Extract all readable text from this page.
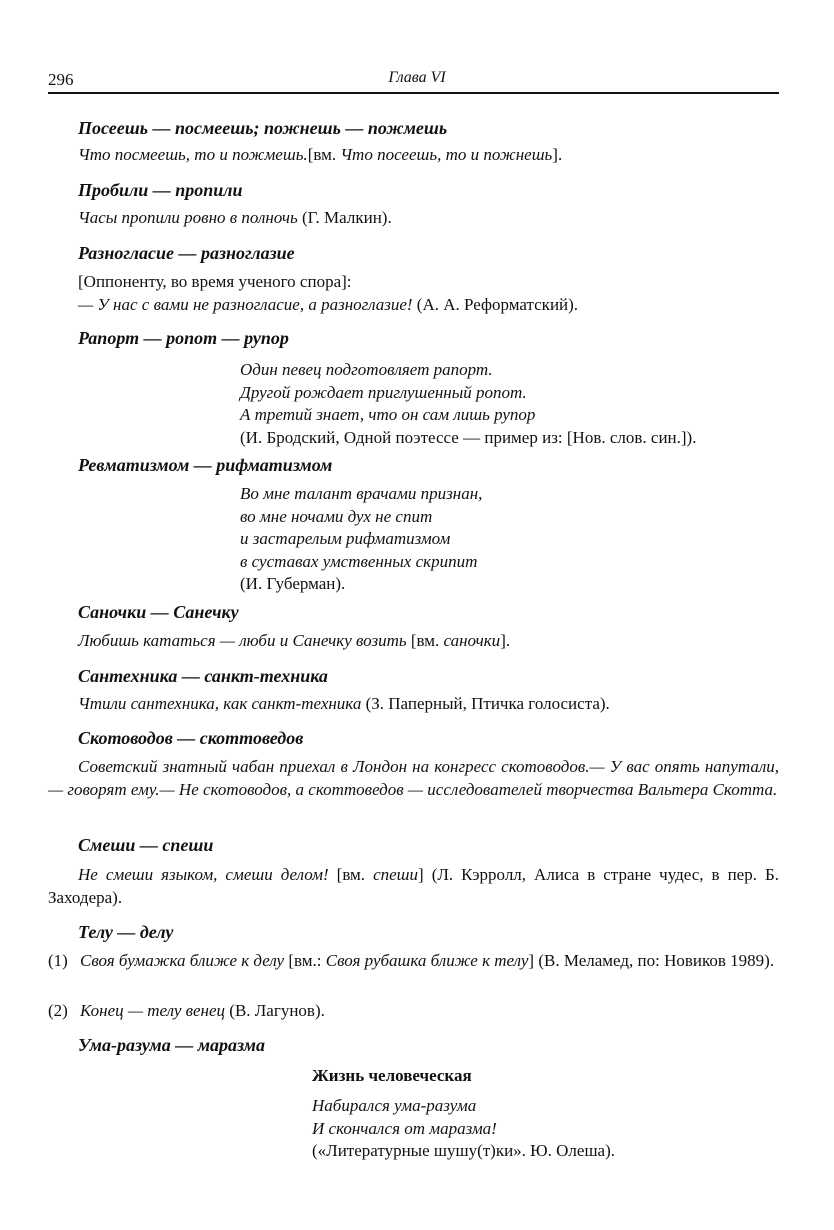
296	Глава VI
Посеешь — посмеешь; пожнешь — пожмешь
Что посмеешь, то и пожмешь.[вм. Что посеешь, то и пожнешь].
Пробили — пропили
Часы пропили ровно в полночь (Г. Малкин).
Разногласие — разноглазие
[Оппоненту, во время ученого спора]:
— У нас с вами не разногласие, а разноглазие! (А. А. Реформатский).
Рапорт — ропот — рупор
Один певец подготовляет рапорт.
Другой рождает приглушенный ропот.
А третий знает, что он сам лишь рупор
(И. Бродский, Одной поэтессе — пример из: [Нов. слов. син.]).
Ревматизмом — рифматизмом
Во мне талант врачами признан,
во мне ночами дух не спит
и застарелым рифматизмом
в суставах умственных скрипит
(И. Губерман).
Саночки — Санечку
Любишь кататься — люби и Санечку возить [вм. саночки].
Сантехника — санкт-техника
Чтили сантехника, как санкт-техника (З. Паперный, Птичка голосиста).
Скотоводов — скоттоведов
Советский знатный чабан приехал в Лондон на конгресс скотоводов.— У вас опять напутали,— говорят ему.— Не скотоводов, а скоттоведов — исследователей творчества Вальтера Скотта.
Смеши — спеши
Не смеши языком, смеши делом! [вм. спеши] (Л. Кэрролл, Алиса в стране чудес, в пер. Б. Заходера).
Телу — делу
(1) Своя бумажка ближе к делу [вм.: Своя рубашка ближе к телу] (В. Меламед, по: Новиков 1989).
(2) Конец — телу венец (В. Лагунов).
Ума-разума — маразма
Жизнь человеческая
Набирался ума-разума
И скончался от маразма!
(«Литературные шушу(т)ки». Ю. Олеша).
